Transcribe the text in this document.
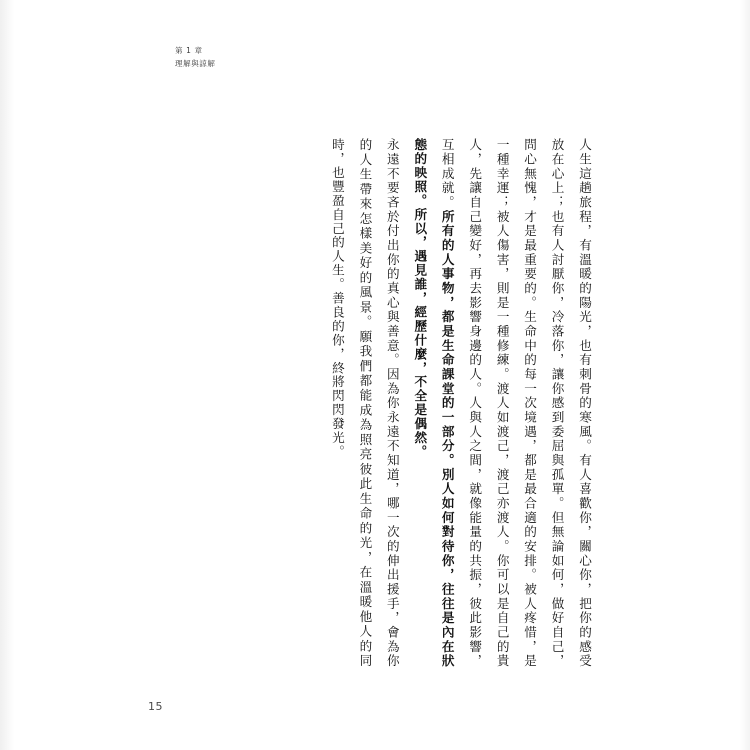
第 1 章
理解與諒解

人生這趟旅程，有溫暖的陽光，也有刺骨的寒風。有人喜歡你，關心你，把你的感受放在心上；也有人討厭你，冷落你，讓你感到委屈與孤單。但無論如何，做好自己，問心無愧，才是最重要的。生命中的每一次境遇，都是最合適的安排。被人疼惜，是一種幸運；被人傷害，則是一種修練。渡人如渡己，渡己亦渡人。你可以是自己的貴人，先讓自己變好，再去影響身邊的人。人與人之間，就像能量的共振，彼此影響，互相成就。所有的人事物，都是生命課堂的一部分。別人如何對待你，往往是內在狀態的映照。所以，遇見誰，經歷什麼，不全是偶然。

永遠不要吝於付出你的真心與善意。因為你永遠不知道，哪一次的伸出援手，會為你的人生帶來怎樣美好的風景。願我們都能成為照亮彼此生命的光，在溫暖他人的同時，也豐盈自己的人生。善良的你，終將閃閃發光。

15
